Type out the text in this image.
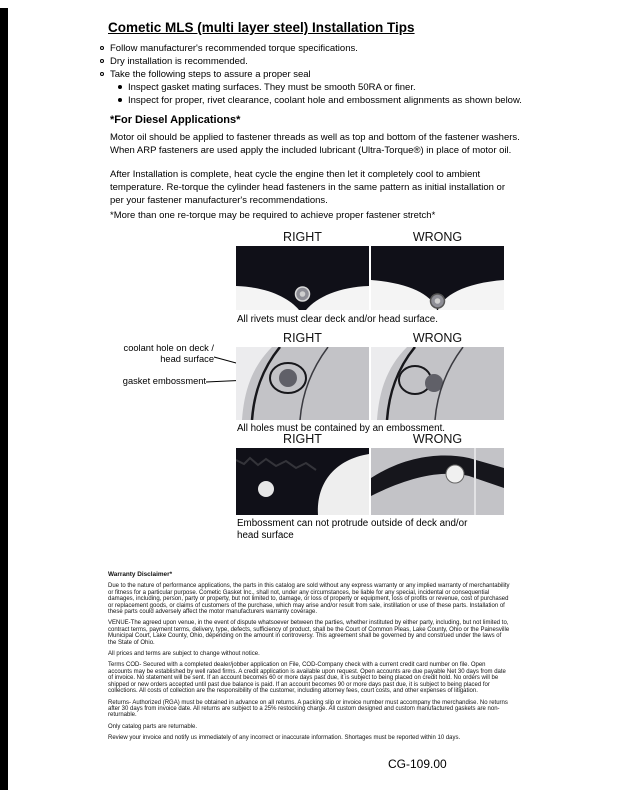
Cometic MLS (multi layer steel) Installation Tips
Follow manufacturer's recommended torque specifications.
Dry installation is recommended.
Take the following steps to assure a proper seal
Inspect gasket mating surfaces. They must be smooth 50RA or finer.
Inspect for proper, rivet clearance, coolant hole and embossment alignments as shown below.
*For Diesel Applications*

Motor oil should be applied to fastener threads as well as top and bottom of the fastener washers. When ARP fasteners are used apply the included lubricant (Ultra-Torque®) in place of motor oil.

After Installation is complete, heat cycle the engine then let it completely cool to ambient temperature. Re-torque the cylinder head fasteners in the same pattern as initial installation or per your fastener manufacturer's recommendations.

*More than one re-torque may be required to achieve proper fastener stretch*
RIGHT	WRONG
All rivets must clear deck and/or head surface.
RIGHT	WRONG
coolant hole on deck / head surface
gasket embossment
All holes must be contained by an embossment.
RIGHT	WRONG
Embossment can not protrude outside of deck and/or head surface
Warranty Disclaimer*

Due to the nature of performance applications, the parts in this catalog are sold without any express warranty or any implied warranty of merchantability or fitness for a particular purpose. Cometic Gasket Inc., shall not, under any circumstances, be liable for any special, incidental or consequential damages, including, person, party or property, but not limited to, damage, or loss of property or equipment, loss of profits or revenue, cost of purchased or replacement goods, or claims of customers of the purchase, which may arise and/or result from sale, instillation or use of these parts. Installation of these parts could adversely affect the motor manufacturers warranty coverage.

VENUE-The agreed upon venue, in the event of dispute whatsoever between the parties, whether instituted by either party, including, but not limited to, contract terms, payment terms, delivery, type, defects, sufficiency of product, shall be the Court of Common Pleas, Lake County, Ohio or the Painesville Municipal Court, Lake County, Ohio, depending on the amount in controversy. This agreement shall be governed by and construed under the laws of the State of Ohio.

All prices and terms are subject to change without notice.

Terms COD- Secured with a completed dealer/jobber application on File, COD-Company check with a current credit card number on file. Open accounts may be established by well rated firms. A credit application is available upon request. Open accounts are due payable Net 30 days from date of invoice. No statement will be sent. If an account becomes 60 or more days past due, it is subject to being placed on credit hold. No orders will be shipped or new orders accepted until past due balance is paid. If an account becomes 90 or more days past due, it is subject to being placed for collections. All costs of collection are the responsibility of the customer, including attorney fees, court costs, and other expenses of litigation.

Returns- Authorized (RGA) must be obtained in advance on all returns. A packing slip or invoice number must accompany the merchandise. No returns after 30 days from invoice date. All returns are subject to a 25% restocking charge. All custom designed and custom manufactured gaskets are non-returnable.

Only catalog parts are returnable.

Review your invoice and notify us immediately of any incorrect or inaccurate information. Shortages must be reported within 10 days.

CG-109.00
